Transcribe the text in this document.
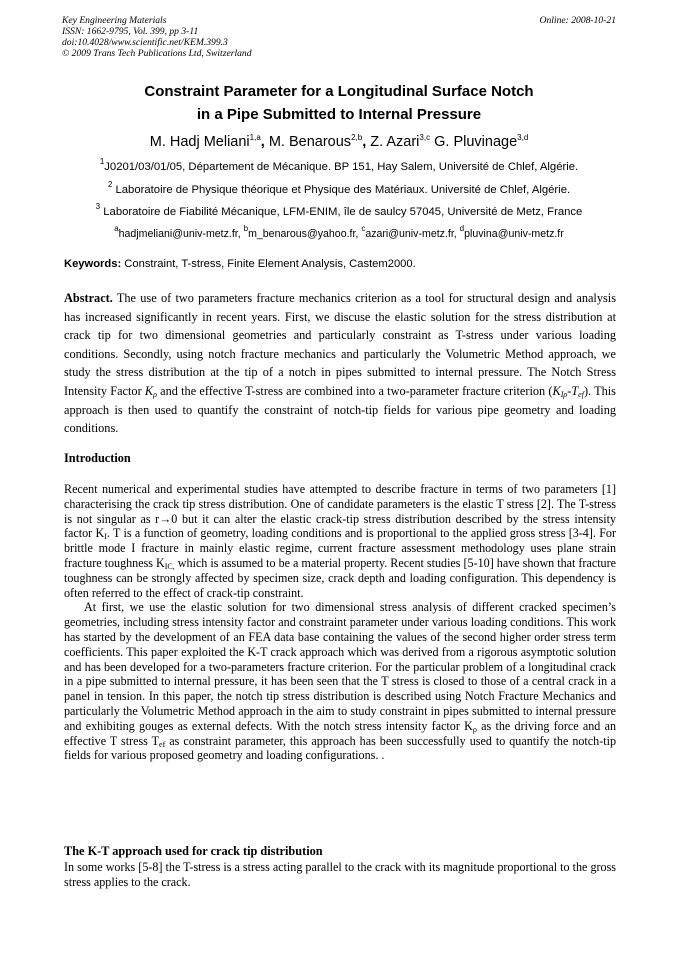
Key Engineering Materials
ISSN: 1662-9795, Vol. 399, pp 3-11
doi:10.4028/www.scientific.net/KEM.399.3
© 2009 Trans Tech Publications Ltd, Switzerland
Online: 2008-10-21
Constraint Parameter for a Longitudinal Surface Notch
in a Pipe Submitted to Internal Pressure
M. Hadj Meliani$^{1,a}$, M. Benarous$^{2,b}$, Z. Azari$^{3,c}$ G. Pluvinage$^{3,d}$
$^1$J0201/03/01/05, Département de Mécanique. BP 151, Hay Salem, Université de Chlef, Algérie.
$^2$ Laboratoire de Physique théorique et Physique des Matériaux. Université de Chlef, Algérie.
$^3$ Laboratoire de Fiabilité Mécanique, LFM-ENIM, île de saulcy 57045, Université de Metz, France
$^a$hadjmeliani@univ-metz.fr, $^b$m_benarous@yahoo.fr, $^c$azari@univ-metz.fr, $^d$pluvina@univ-metz.fr
Keywords: Constraint, T-stress, Finite Element Analysis, Castem2000.
Abstract. The use of two parameters fracture mechanics criterion as a tool for structural design and analysis has increased significantly in recent years. First, we discuse the elastic solution for the stress distribution at crack tip for two dimensional geometries and particularly constraint as T-stress under various loading conditions. Secondly, using notch fracture mechanics and particularly the Volumetric Method approach, we study the stress distribution at the tip of a notch in pipes submitted to internal pressure. The Notch Stress Intensity Factor $K_\rho$ and the effective T-stress are combined into a two-parameter fracture criterion $(K_{I\rho}-T_{ef})$. This approach is then used to quantify the constraint of notch-tip fields for various pipe geometry and loading conditions.
Introduction

Recent numerical and experimental studies have attempted to describe fracture in terms of two parameters [1] characterising the crack tip stress distribution. One of candidate parameters is the elastic T stress [2]. The T-stress is not singular as r→0 but it can alter the elastic crack-tip stress distribution described by the stress intensity factor $K_I$. T is a function of geometry, loading conditions and is proportional to the applied gross stress [3-4]. For brittle mode I fracture in mainly elastic regime, current fracture assessment methodology uses plane strain fracture toughness $K_{IC,}$ which is assumed to be a material property. Recent studies [5-10] have shown that fracture toughness can be strongly affected by specimen size, crack depth and loading configuration. This dependency is often referred to the effect of crack-tip constraint.

At first, we use the elastic solution for two dimensional stress analysis of different cracked specimen’s geometries, including stress intensity factor and constraint parameter under various loading conditions. This work has started by the development of an FEA data base containing the values of the second higher order stress term coefficients. This paper exploited the K-T crack approach which was derived from a rigorous asymptotic solution and has been developed for a two-parameters fracture criterion. For the particular problem of a longitudinal crack in a pipe submitted to internal pressure, it has been seen that the T stress is closed to those of a central crack in a panel in tension. In this paper, the notch tip stress distribution is described using Notch Fracture Mechanics and particularly the Volumetric Method approach in the aim to study constraint in pipes submitted to internal pressure and exhibiting gouges as external defects. With the notch stress intensity factor $K_\rho$ as the driving force and an effective T stress $T_{ef}$ as constraint parameter, this approach has been successfully used to quantify the notch-tip fields for various proposed geometry and loading configurations. .

The K-T approach used for crack tip distribution

In some works [5-8] the T-stress is a stress acting parallel to the crack with its magnitude proportional to the gross stress applies to the crack.
